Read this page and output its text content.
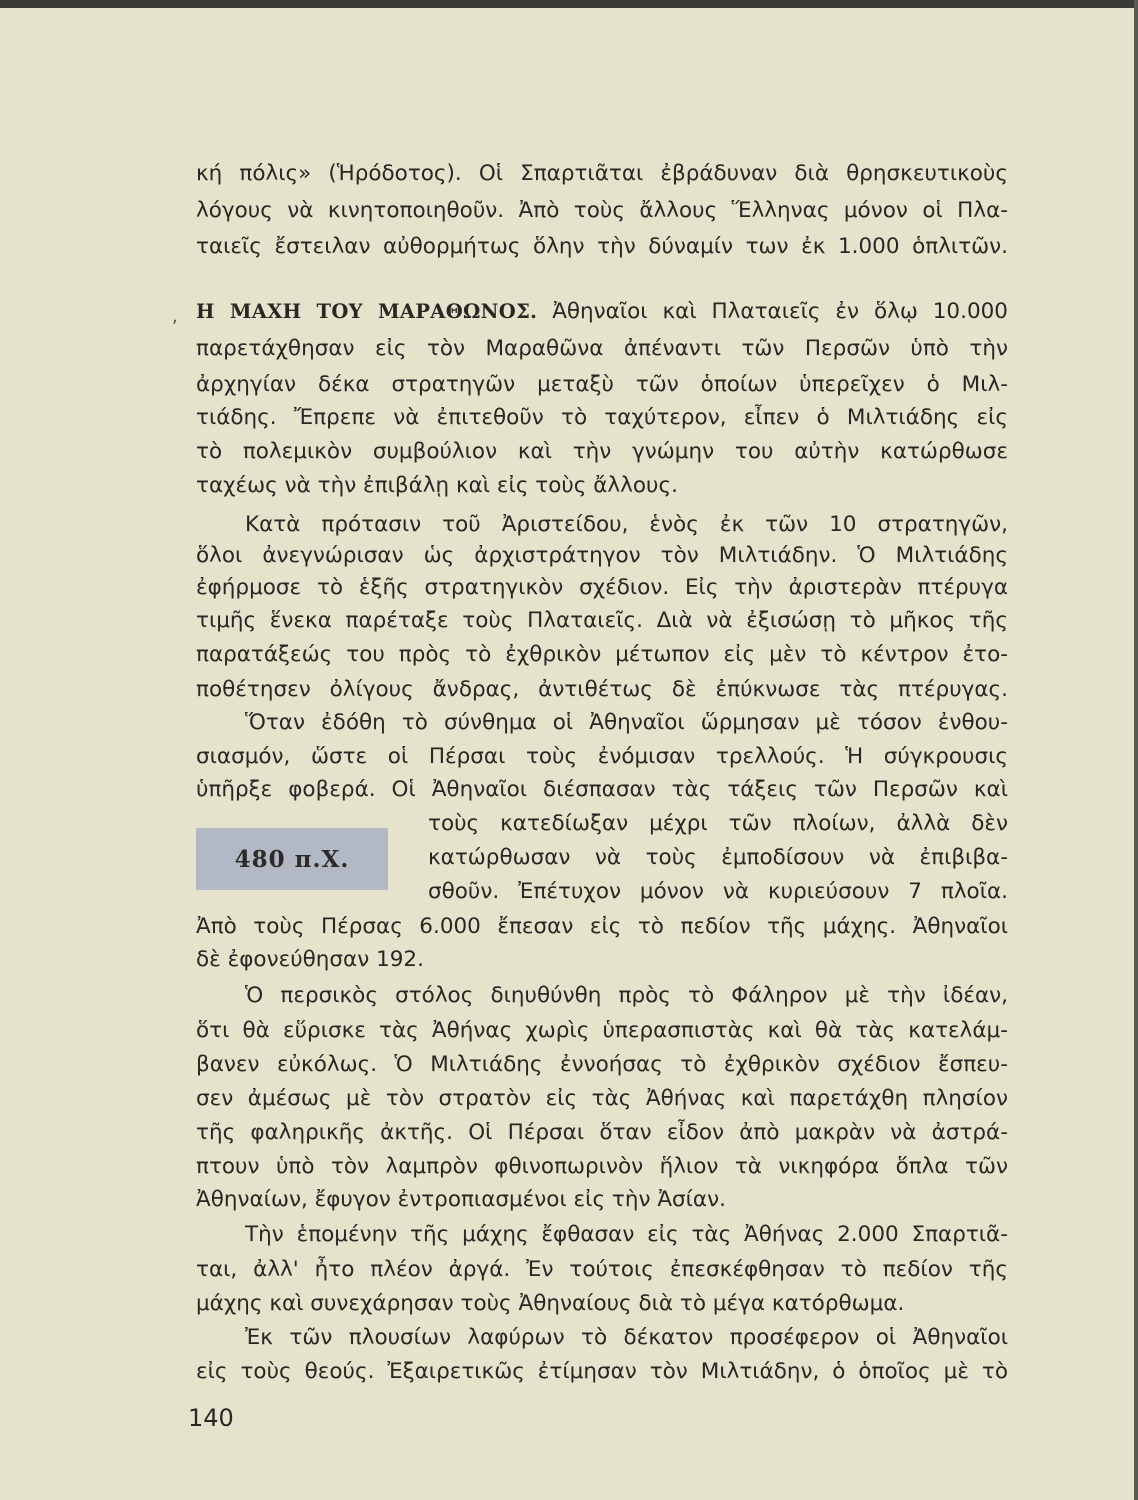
κή πόλις» (Ἡρόδοτος). Οἱ Σπαρτιᾶται ἐβράδυναν διὰ θρησκευτικοὺς
λόγους νὰ κινητοποιηθοῦν. Ἀπὸ τοὺς ἄλλους Ἕλληνας μόνον οἱ Πλα-
ταιεῖς ἔστειλαν αὐθορμήτως ὅλην τὴν δύναμίν των ἐκ 1.000 ὁπλιτῶν.
, Η ΜΑΧΗ ΤΟΥ ΜΑΡΑΘΩΝΟΣ. Ἀθηναῖοι καὶ Πλαταιεῖς ἐν ὅλῳ 10.000
παρετάχθησαν εἰς τὸν Μαραθῶνα ἀπέναντι τῶν Περσῶν ὑπὸ τὴν
ἀρχηγίαν δέκα στρατηγῶν μεταξὺ τῶν ὁποίων ὑπερεῖχεν ὁ Μιλ-
τιάδης. Ἔπρεπε νὰ ἐπιτεθοῦν τὸ ταχύτερον, εἶπεν ὁ Μιλτιάδης εἰς
τὸ πολεμικὸν συμβούλιον καὶ τὴν γνώμην του αὐτὴν κατώρθωσε
ταχέως νὰ τὴν ἐπιβάλῃ καὶ εἰς τοὺς ἄλλους.
Κατὰ πρότασιν τοῦ Ἀριστείδου, ἑνὸς ἐκ τῶν 10 στρατηγῶν,
ὅλοι ἀνεγνώρισαν ὡς ἀρχιστράτηγον τὸν Μιλτιάδην. Ὁ Μιλτιάδης
ἐφήρμοσε τὸ ἑξῆς στρατηγικὸν σχέδιον. Εἰς τὴν ἀριστερὰν πτέρυγα
τιμῆς ἕνεκα παρέταξε τοὺς Πλαταιεῖς. Διὰ νὰ ἐξισώσῃ τὸ μῆκος τῆς
παρατάξεώς του πρὸς τὸ ἐχθρικὸν μέτωπον εἰς μὲν τὸ κέντρον ἐτο-
ποθέτησεν ὀλίγους ἄνδρας, ἀντιθέτως δὲ ἐπύκνωσε τὰς πτέρυγας.
Ὅταν ἐδόθη τὸ σύνθημα οἱ Ἀθηναῖοι ὥρμησαν μὲ τόσον ἐνθου-
σιασμόν, ὥστε οἱ Πέρσαι τοὺς ἐνόμισαν τρελλούς. Ἡ σύγκρουσις
ὑπῆρξε φοβερά. Οἱ Ἀθηναῖοι διέσπασαν τὰς τάξεις τῶν Περσῶν καὶ
480 π.Χ.
τοὺς κατεδίωξαν μέχρι τῶν πλοίων, ἀλλὰ δὲν
κατώρθωσαν νὰ τοὺς ἐμποδίσουν νὰ ἐπιβιβα-
σθοῦν. Ἐπέτυχον μόνον νὰ κυριεύσουν 7 πλοῖα.
Ἀπὸ τοὺς Πέρσας 6.000 ἔπεσαν εἰς τὸ πεδίον τῆς μάχης. Ἀθηναῖοι
δὲ ἐφονεύθησαν 192.
Ὁ περσικὸς στόλος διηυθύνθη πρὸς τὸ Φάληρον μὲ τὴν ἰδέαν,
ὅτι θὰ εὕρισκε τὰς Ἀθήνας χωρὶς ὑπερασπιστὰς καὶ θὰ τὰς κατελάμ-
βανεν εὐκόλως. Ὁ Μιλτιάδης ἐννοήσας τὸ ἐχθρικὸν σχέδιον ἔσπευ-
σεν ἀμέσως μὲ τὸν στρατὸν εἰς τὰς Ἀθήνας καὶ παρετάχθη πλησίον
τῆς φαληρικῆς ἀκτῆς. Οἱ Πέρσαι ὅταν εἶδον ἀπὸ μακρὰν νὰ ἀστρά-
πτουν ὑπὸ τὸν λαμπρὸν φθινοπωρινὸν ἥλιον τὰ νικηφόρα ὅπλα τῶν
Ἀθηναίων, ἔφυγον ἐντροπιασμένοι εἰς τὴν Ἀσίαν.
Τὴν ἑπομένην τῆς μάχης ἔφθασαν εἰς τὰς Ἀθήνας 2.000 Σπαρτιᾶ-
ται, ἀλλ' ἦτο πλέον ἀργά. Ἐν τούτοις ἐπεσκέφθησαν τὸ πεδίον τῆς
μάχης καὶ συνεχάρησαν τοὺς Ἀθηναίους διὰ τὸ μέγα κατόρθωμα.
Ἐκ τῶν πλουσίων λαφύρων τὸ δέκατον προσέφερον οἱ Ἀθηναῖοι
εἰς τοὺς θεούς. Ἐξαιρετικῶς ἐτίμησαν τὸν Μιλτιάδην, ὁ ὁποῖος μὲ τὸ
140
